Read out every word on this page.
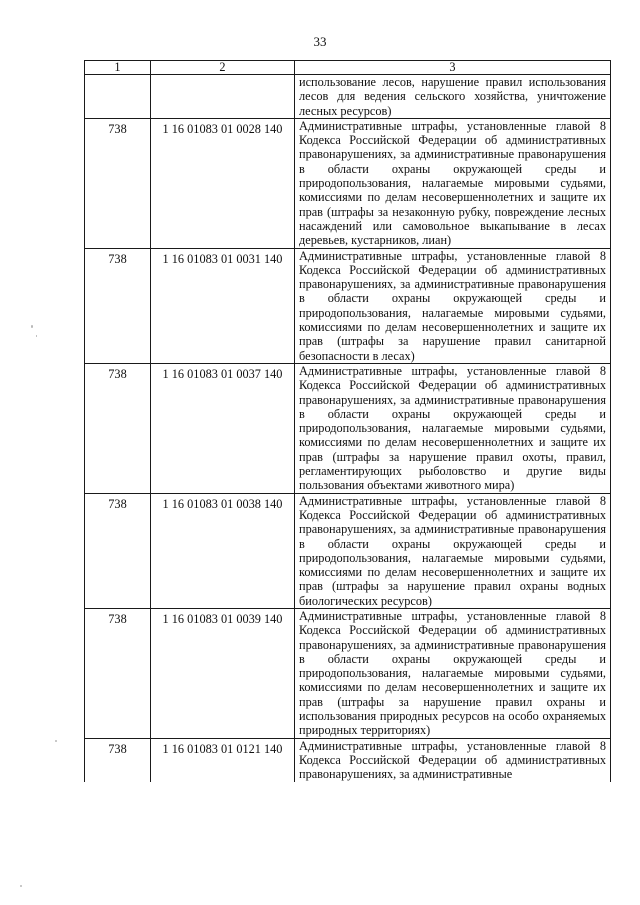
33
1	2	3
		использование лесов, нарушение правил использования лесов для ведения сельского хозяйства, уничтожение лесных ресурсов)
738	1 16 01083 01 0028 140	Административные штрафы, установленные главой 8 Кодекса Российской Федерации об административных правонарушениях, за административные правонарушения в области охраны окружающей среды и природопользования, налагаемые мировыми судьями, комиссиями по делам несовершеннолетних и защите их прав (штрафы за незаконную рубку, повреждение лесных насаждений или самовольное выкапывание в лесах деревьев, кустарников, лиан)
738	1 16 01083 01 0031 140	Административные штрафы, установленные главой 8 Кодекса Российской Федерации об административных правонарушениях, за административные правонарушения в области охраны окружающей среды и природопользования, налагаемые мировыми судьями, комиссиями по делам несовершеннолетних и защите их прав (штрафы за нарушение правил санитарной безопасности в лесах)
738	1 16 01083 01 0037 140	Административные штрафы, установленные главой 8 Кодекса Российской Федерации об административных правонарушениях, за административные правонарушения в области охраны окружающей среды и природопользования, налагаемые мировыми судьями, комиссиями по делам несовершеннолетних и защите их прав (штрафы за нарушение правил охоты, правил, регламентирующих рыболовство и другие виды пользования объектами животного мира)
738	1 16 01083 01 0038 140	Административные штрафы, установленные главой 8 Кодекса Российской Федерации об административных правонарушениях, за административные правонарушения в области охраны окружающей среды и природопользования, налагаемые мировыми судьями, комиссиями по делам несовершеннолетних и защите их прав (штрафы за нарушение правил охраны водных биологических ресурсов)
738	1 16 01083 01 0039 140	Административные штрафы, установленные главой 8 Кодекса Российской Федерации об административных правонарушениях, за административные правонарушения в области охраны окружающей среды и природопользования, налагаемые мировыми судьями, комиссиями по делам несовершеннолетних и защите их прав (штрафы за нарушение правил охраны и использования природных ресурсов на особо охраняемых природных территориях)
738	1 16 01083 01 0121 140	Административные штрафы, установленные главой 8 Кодекса Российской Федерации об административных правонарушениях, за административные
